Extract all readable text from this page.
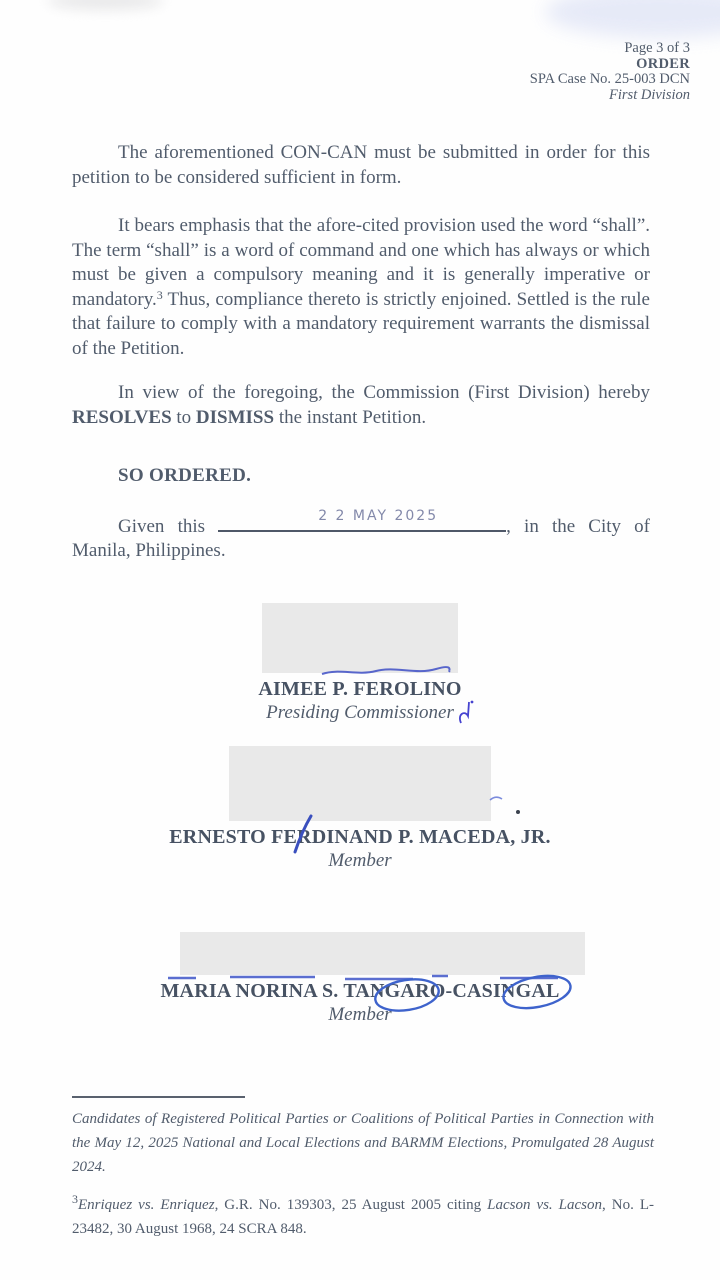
Page 3 of 3
ORDER
SPA Case No. 25-003 DCN
First Division

The aforementioned CON-CAN must be submitted in order for this petition to be considered sufficient in form.

It bears emphasis that the afore-cited provision used the word “shall”. The term “shall” is a word of command and one which has always or which must be given a compulsory meaning and it is generally imperative or mandatory.$^3$ Thus, compliance thereto is strictly enjoined. Settled is the rule that failure to comply with a mandatory requirement warrants the dismissal of the Petition.

In view of the foregoing, the Commission (First Division) hereby RESOLVES to DISMISS the instant Petition.

SO ORDERED.

Given this	2 2 MAY 2025	, in the City of Manila, Philippines.

AIMEE P. FEROLINO
Presiding Commissioner
ERNESTO FERDINAND P. MACEDA, JR.
Member
MARIA NORINA S. TANGARO-CASINGAL
Member

Candidates of Registered Political Parties or Coalitions of Political Parties in Connection with the May 12, 2025 National and Local Elections and BARMM Elections, Promulgated 28 August 2024.

$^3$Enriquez vs. Enriquez, G.R. No. 139303, 25 August 2005 citing Lacson vs. Lacson, No. L-23482, 30 August 1968, 24 SCRA 848.
